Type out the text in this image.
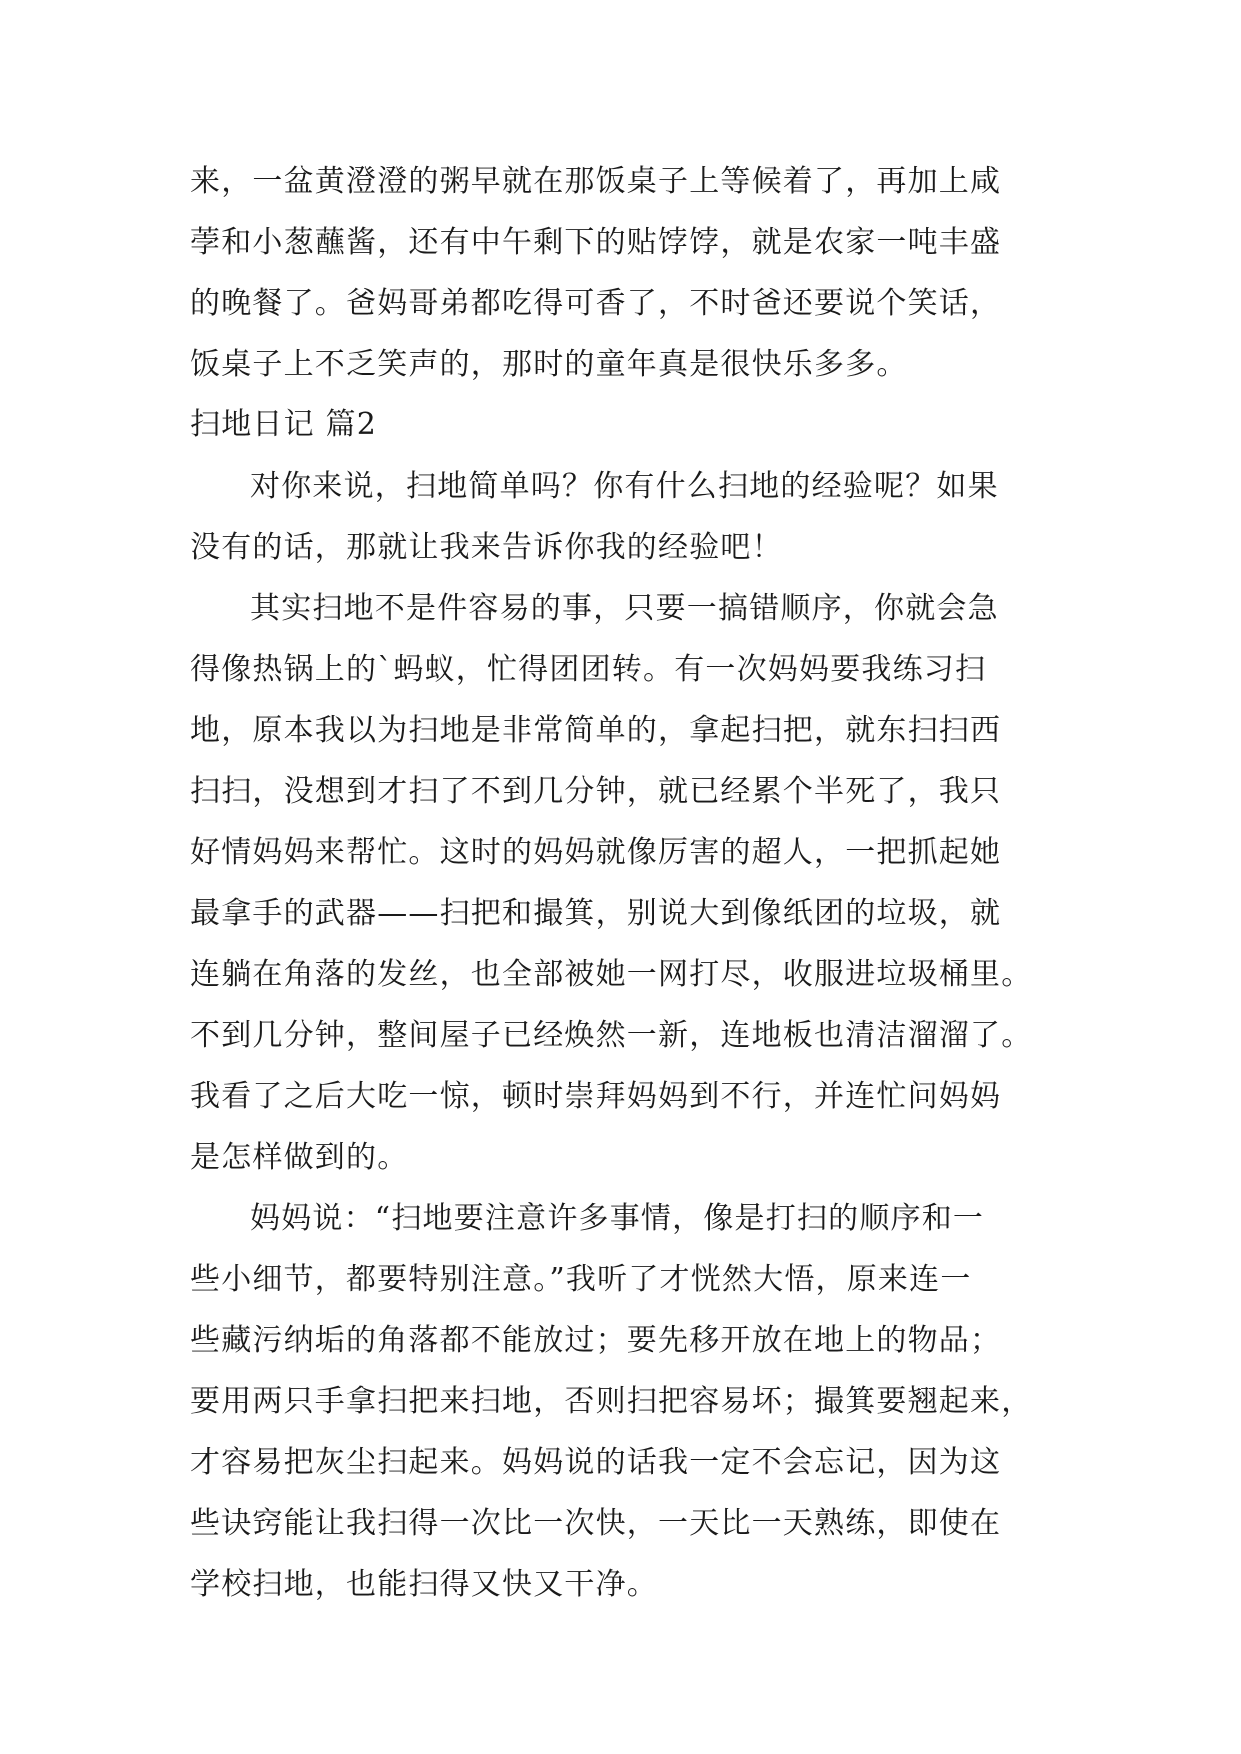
来，一盆黄澄澄的粥早就在那饭桌子上等候着了，再加上咸
荸和小葱蘸酱，还有中午剩下的贴饽饽，就是农家一吨丰盛
的晚餐了。爸妈哥弟都吃得可香了，不时爸还要说个笑话，
饭桌子上不乏笑声的，那时的童年真是很快乐多多。
扫地日记 篇2
对你来说，扫地简单吗？你有什么扫地的经验呢？如果
没有的话，那就让我来告诉你我的经验吧！
其实扫地不是件容易的事，只要一搞错顺序，你就会急
得像热锅上的`蚂蚁，忙得团团转。有一次妈妈要我练习扫
地，原本我以为扫地是非常简单的，拿起扫把，就东扫扫西
扫扫，没想到才扫了不到几分钟，就已经累个半死了，我只
好情妈妈来帮忙。这时的妈妈就像厉害的超人，一把抓起她
最拿手的武器——扫把和撮箕，别说大到像纸团的垃圾，就
连躺在角落的发丝，也全部被她一网打尽，收服进垃圾桶里。
不到几分钟，整间屋子已经焕然一新，连地板也清洁溜溜了。
我看了之后大吃一惊，顿时崇拜妈妈到不行，并连忙问妈妈
是怎样做到的。
妈妈说：“扫地要注意许多事情，像是打扫的顺序和一
些小细节，都要特别注意。”我听了才恍然大悟，原来连一
些藏污纳垢的角落都不能放过；要先移开放在地上的物品；
要用两只手拿扫把来扫地，否则扫把容易坏；撮箕要翘起来，
才容易把灰尘扫起来。妈妈说的话我一定不会忘记，因为这
些诀窍能让我扫得一次比一次快，一天比一天熟练，即使在
学校扫地，也能扫得又快又干净。
